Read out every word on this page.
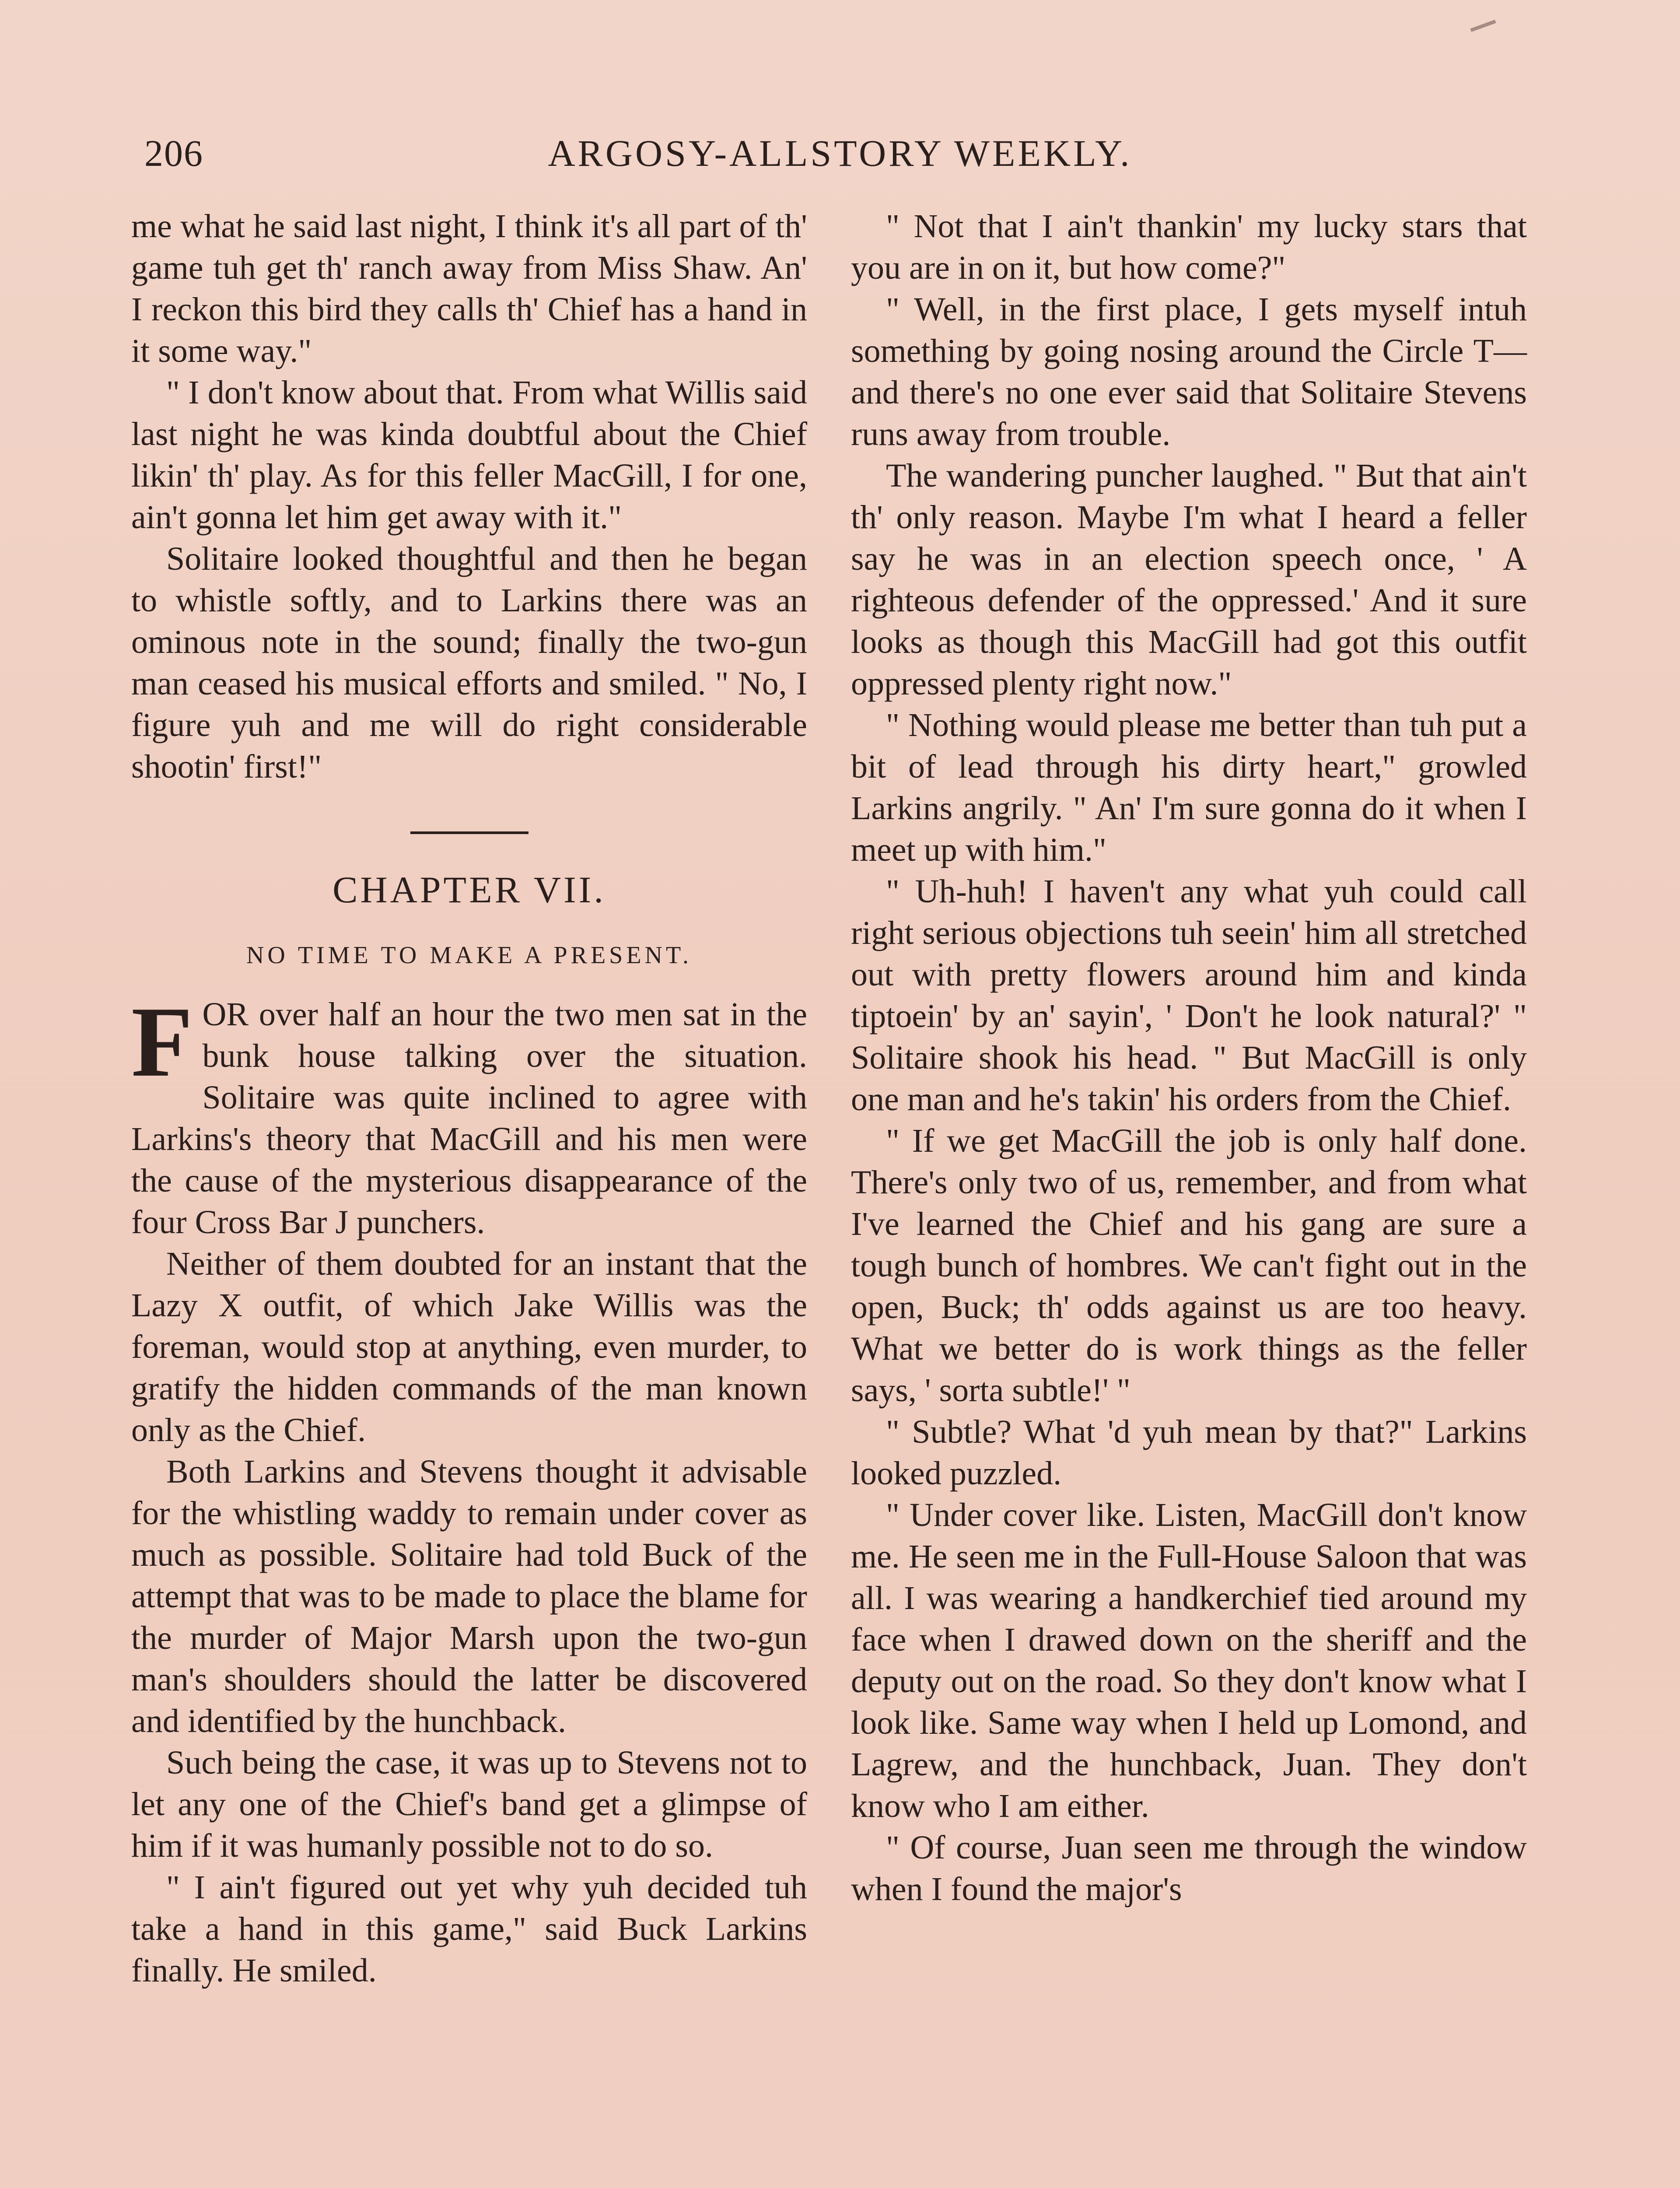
206	ARGOSY-ALLSTORY WEEKLY.

me what he said last night, I think it's all part of th' game tuh get th' ranch away from Miss Shaw. An' I reckon this bird they calls th' Chief has a hand in it some way."

" I don't know about that. From what Willis said last night he was kinda doubtful about the Chief likin' th' play. As for this feller MacGill, I for one, ain't gonna let him get away with it."

Solitaire looked thoughtful and then he began to whistle softly, and to Larkins there was an ominous note in the sound; finally the two-gun man ceased his musical efforts and smiled. " No, I figure yuh and me will do right considerable shootin' first!"

CHAPTER VII.
NO TIME TO MAKE A PRESENT.

FOR over half an hour the two men sat in the bunk house talking over the situation. Solitaire was quite inclined to agree with Larkins's theory that MacGill and his men were the cause of the mysterious disappearance of the four Cross Bar J punchers.

Neither of them doubted for an instant that the Lazy X outfit, of which Jake Willis was the foreman, would stop at anything, even murder, to gratify the hidden commands of the man known only as the Chief.

Both Larkins and Stevens thought it advisable for the whistling waddy to remain under cover as much as possible. Solitaire had told Buck of the attempt that was to be made to place the blame for the murder of Major Marsh upon the two-gun man's shoulders should the latter be discovered and identified by the hunchback.

Such being the case, it was up to Stevens not to let any one of the Chief's band get a glimpse of him if it was humanly possible not to do so.

" I ain't figured out yet why yuh decided tuh take a hand in this game," said Buck Larkins finally. He smiled.

" Not that I ain't thankin' my lucky stars that you are in on it, but how come?"

" Well, in the first place, I gets myself intuh something by going nosing around the Circle T—and there's no one ever said that Solitaire Stevens runs away from trouble.

The wandering puncher laughed. " But that ain't th' only reason. Maybe I'm what I heard a feller say he was in an election speech once, ' A righteous defender of the oppressed.' And it sure looks as though this MacGill had got this outfit oppressed plenty right now."

" Nothing would please me better than tuh put a bit of lead through his dirty heart," growled Larkins angrily. " An' I'm sure gonna do it when I meet up with him."

" Uh-huh! I haven't any what yuh could call right serious objections tuh seein' him all stretched out with pretty flowers around him and kinda tiptoein' by an' sayin', ' Don't he look natural?' " Solitaire shook his head. " But MacGill is only one man and he's takin' his orders from the Chief.

" If we get MacGill the job is only half done. There's only two of us, remember, and from what I've learned the Chief and his gang are sure a tough bunch of hombres. We can't fight out in the open, Buck; th' odds against us are too heavy. What we better do is work things as the feller says, ' sorta subtle!' "

" Subtle? What 'd yuh mean by that?" Larkins looked puzzled.

" Under cover like. Listen, MacGill don't know me. He seen me in the Full-House Saloon that was all. I was wearing a handkerchief tied around my face when I drawed down on the sheriff and the deputy out on the road. So they don't know what I look like. Same way when I held up Lomond, and Lagrew, and the hunchback, Juan. They don't know who I am either.

" Of course, Juan seen me through the window when I found the major's
